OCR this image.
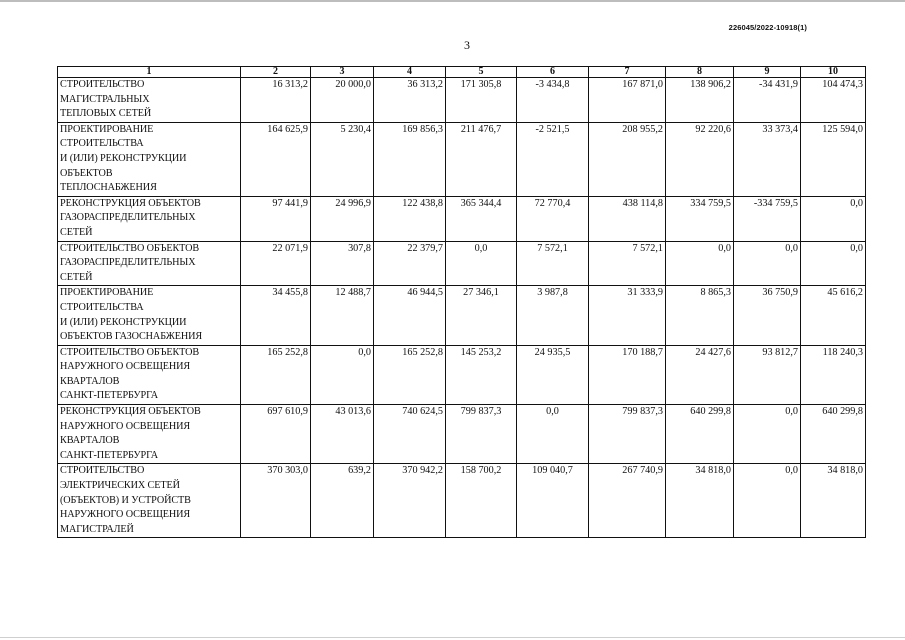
226045/2022-10918(1)
3
1	2	3	4	5	6	7	8	9	10

СТРОИТЕЛЬСТВО
МАГИСТРАЛЬНЫХ
ТЕПЛОВЫХ СЕТЕЙ	16 313,2	20 000,0	36 313,2	171 305,8	-3 434,8	167 871,0	138 906,2	-34 431,9	104 474,3

ПРОЕКТИРОВАНИЕ
СТРОИТЕЛЬСТВА
И (ИЛИ) РЕКОНСТРУКЦИИ
ОБЪЕКТОВ
ТЕПЛОСНАБЖЕНИЯ	164 625,9	5 230,4	169 856,3	211 476,7	-2 521,5	208 955,2	92 220,6	33 373,4	125 594,0

РЕКОНСТРУКЦИЯ ОБЪЕКТОВ
ГАЗОРАСПРЕДЕЛИТЕЛЬНЫХ
СЕТЕЙ	97 441,9	24 996,9	122 438,8	365 344,4	72 770,4	438 114,8	334 759,5	-334 759,5	0,0

СТРОИТЕЛЬСТВО ОБЪЕКТОВ
ГАЗОРАСПРЕДЕЛИТЕЛЬНЫХ
СЕТЕЙ	22 071,9	307,8	22 379,7	0,0	7 572,1	7 572,1	0,0	0,0	0,0

ПРОЕКТИРОВАНИЕ
СТРОИТЕЛЬСТВА
И (ИЛИ) РЕКОНСТРУКЦИИ
ОБЪЕКТОВ ГАЗОСНАБЖЕНИЯ	34 455,8	12 488,7	46 944,5	27 346,1	3 987,8	31 333,9	8 865,3	36 750,9	45 616,2

СТРОИТЕЛЬСТВО ОБЪЕКТОВ
НАРУЖНОГО ОСВЕЩЕНИЯ
КВАРТАЛОВ
САНКТ-ПЕТЕРБУРГА	165 252,8	0,0	165 252,8	145 253,2	24 935,5	170 188,7	24 427,6	93 812,7	118 240,3

РЕКОНСТРУКЦИЯ ОБЪЕКТОВ
НАРУЖНОГО ОСВЕЩЕНИЯ
КВАРТАЛОВ
САНКТ-ПЕТЕРБУРГА	697 610,9	43 013,6	740 624,5	799 837,3	0,0	799 837,3	640 299,8	0,0	640 299,8

СТРОИТЕЛЬСТВО
ЭЛЕКТРИЧЕСКИХ СЕТЕЙ
(ОБЪЕКТОВ) И УСТРОЙСТВ
НАРУЖНОГО ОСВЕЩЕНИЯ
МАГИСТРАЛЕЙ	370 303,0	639,2	370 942,2	158 700,2	109 040,7	267 740,9	34 818,0	0,0	34 818,0
